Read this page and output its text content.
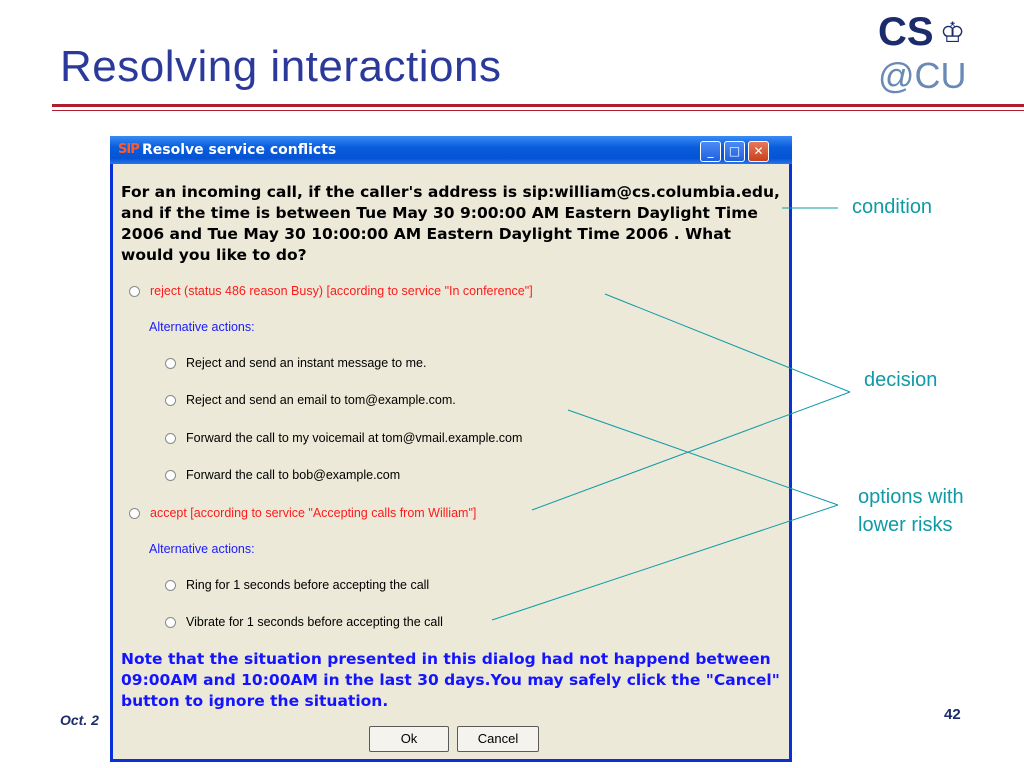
Resolving interactions
CS ♔
@CU
Oct. 2	42
SIP Resolve service conflicts	_	□	✕
For an incoming call, if the caller's address is sip:william@cs.columbia.edu, and if the time is between Tue May 30 9:00:00 AM Eastern Daylight Time 2006 and Tue May 30 10:00:00 AM Eastern Daylight Time 2006 . What would you like to do?
reject (status 486 reason Busy) [according to service "In conference"]
Alternative actions:
Reject and send an instant message to me.
Reject and send an email to tom@example.com.
Forward the call to my voicemail at tom@vmail.example.com
Forward the call to bob@example.com
accept [according to service "Accepting calls from William"]
Alternative actions:
Ring for 1 seconds before accepting the call
Vibrate for 1 seconds before accepting the call
Note that the situation presented in this dialog had not happend between 09:00AM and 10:00AM in the last 30 days.You may safely click the "Cancel" button to ignore the situation.
Ok	Cancel
condition
decision
options with
lower risks
